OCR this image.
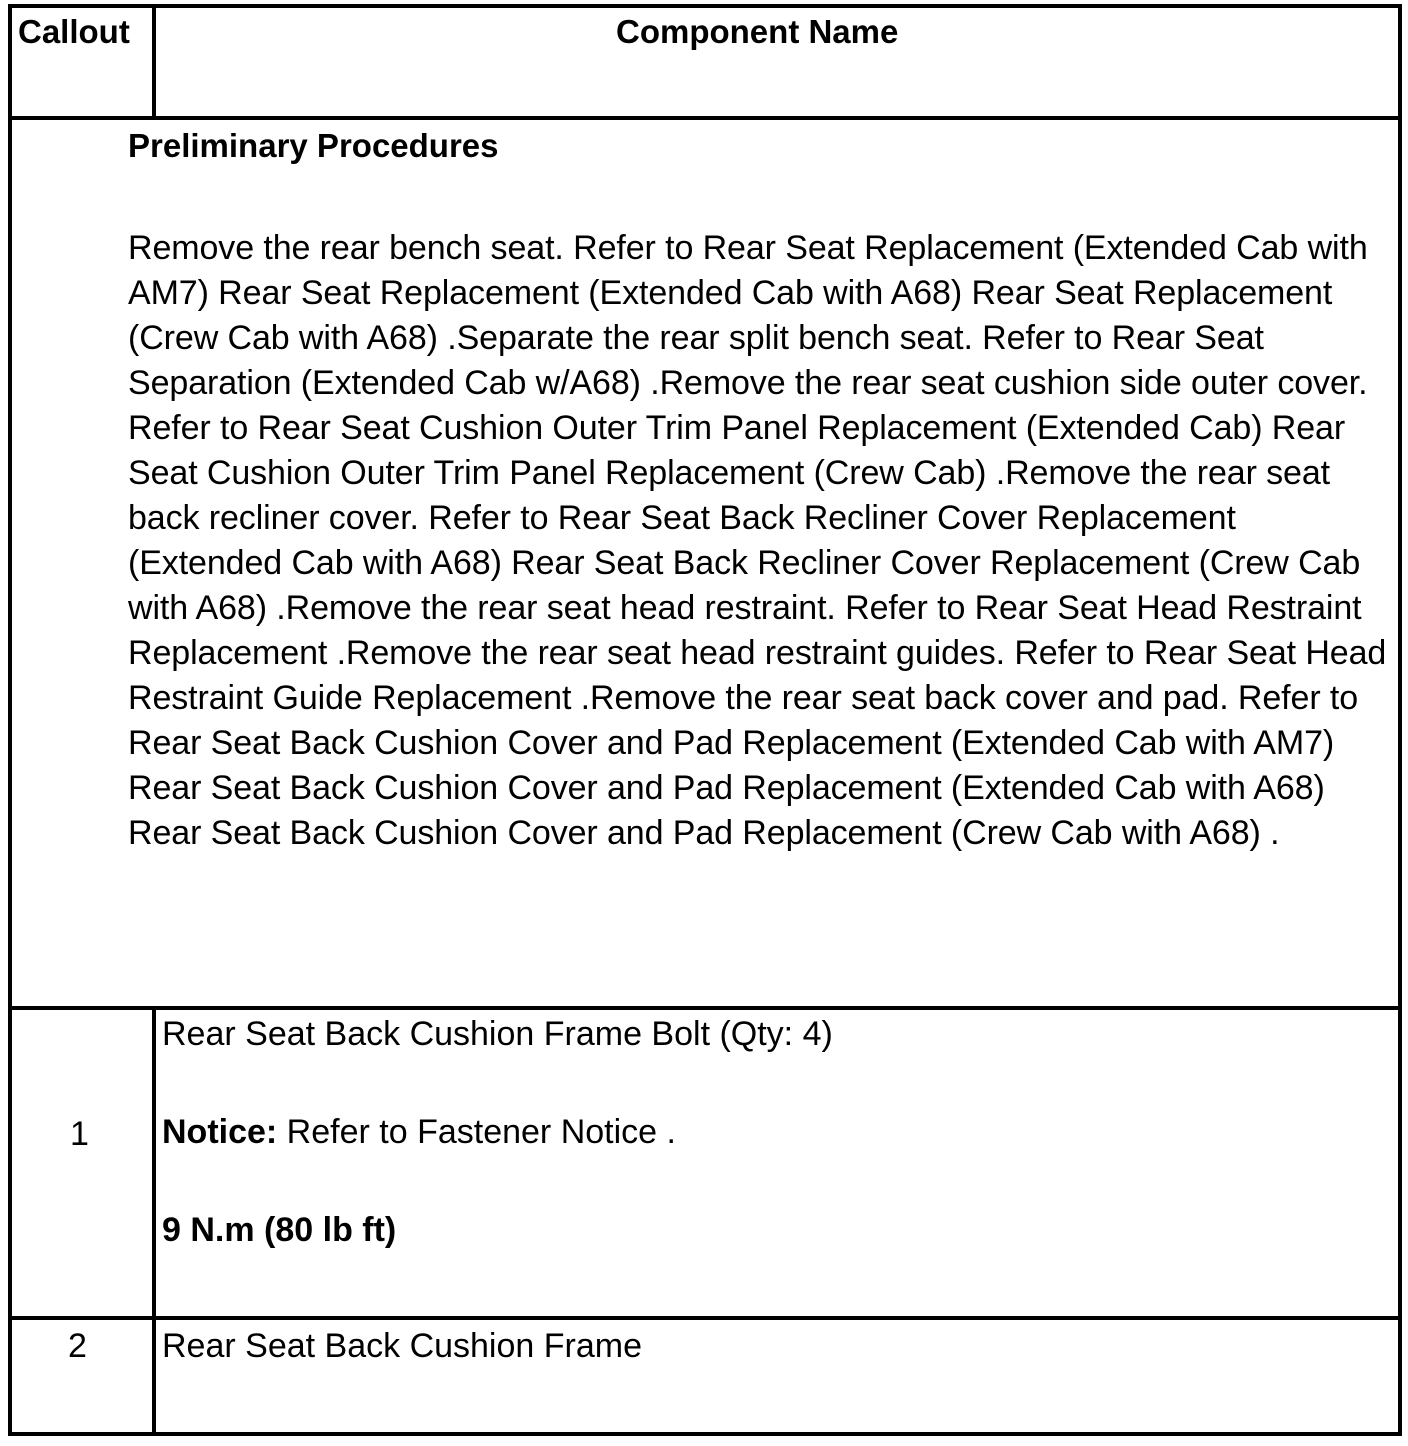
Callout	Component Name
Preliminary Procedures
Remove the rear bench seat. Refer to Rear Seat Replacement (Extended Cab with AM7) Rear Seat Replacement (Extended Cab with A68) Rear Seat Replacement (Crew Cab with A68) .Separate the rear split bench seat. Refer to Rear Seat Separation (Extended Cab w/A68) .Remove the rear seat cushion side outer cover. Refer to Rear Seat Cushion Outer Trim Panel Replacement (Extended Cab) Rear Seat Cushion Outer Trim Panel Replacement (Crew Cab) .Remove the rear seat back recliner cover. Refer to Rear Seat Back Recliner Cover Replacement (Extended Cab with A68) Rear Seat Back Recliner Cover Replacement (Crew Cab with A68) .Remove the rear seat head restraint. Refer to Rear Seat Head Restraint Replacement .Remove the rear seat head restraint guides. Refer to Rear Seat Head Restraint Guide Replacement .Remove the rear seat back cover and pad. Refer to Rear Seat Back Cushion Cover and Pad Replacement (Extended Cab with AM7) Rear Seat Back Cushion Cover and Pad Replacement (Extended Cab with A68) Rear Seat Back Cushion Cover and Pad Replacement (Crew Cab with A68) .
1
Rear Seat Back Cushion Frame Bolt (Qty: 4)
Notice: Refer to Fastener Notice .
9 N.m (80 lb ft)
2 Rear Seat Back Cushion Frame
